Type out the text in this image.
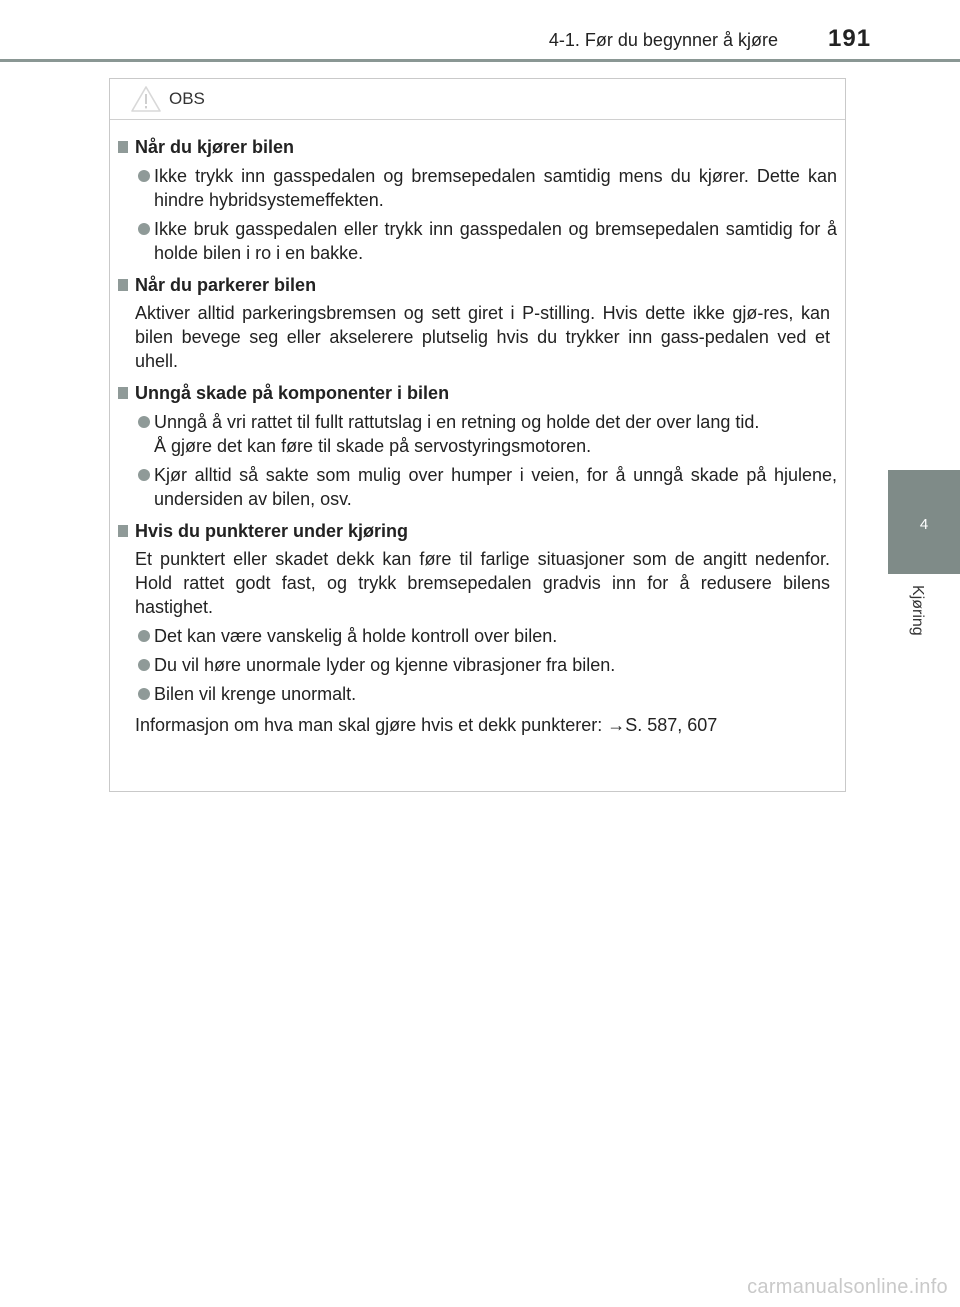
4-1. Før du begynner å kjøre 191
4
Kjøring
OBS
Når du kjører bilen
Ikke trykk inn gasspedalen og bremsepedalen samtidig mens du kjører. Dette kan hindre hybridsystemeffekten.
Ikke bruk gasspedalen eller trykk inn gasspedalen og bremsepedalen samtidig for å holde bilen i ro i en bakke.
Når du parkerer bilen
Aktiver alltid parkeringsbremsen og sett giret i P-stilling. Hvis dette ikke gjø-res, kan bilen bevege seg eller akselerere plutselig hvis du trykker inn gass-pedalen ved et uhell.
Unngå skade på komponenter i bilen
Unngå å vri rattet til fullt rattutslag i en retning og holde det der over lang tid.
Å gjøre det kan føre til skade på servostyringsmotoren.
Kjør alltid så sakte som mulig over humper i veien, for å unngå skade på hjulene, undersiden av bilen, osv.
Hvis du punkterer under kjøring
Et punktert eller skadet dekk kan føre til farlige situasjoner som de angitt nedenfor. Hold rattet godt fast, og trykk bremsepedalen gradvis inn for å redusere bilens hastighet.
Det kan være vanskelig å holde kontroll over bilen.
Du vil høre unormale lyder og kjenne vibrasjoner fra bilen.
Bilen vil krenge unormalt.
Informasjon om hva man skal gjøre hvis et dekk punkterer: →S. 587, 607
carmanualsonline.info
